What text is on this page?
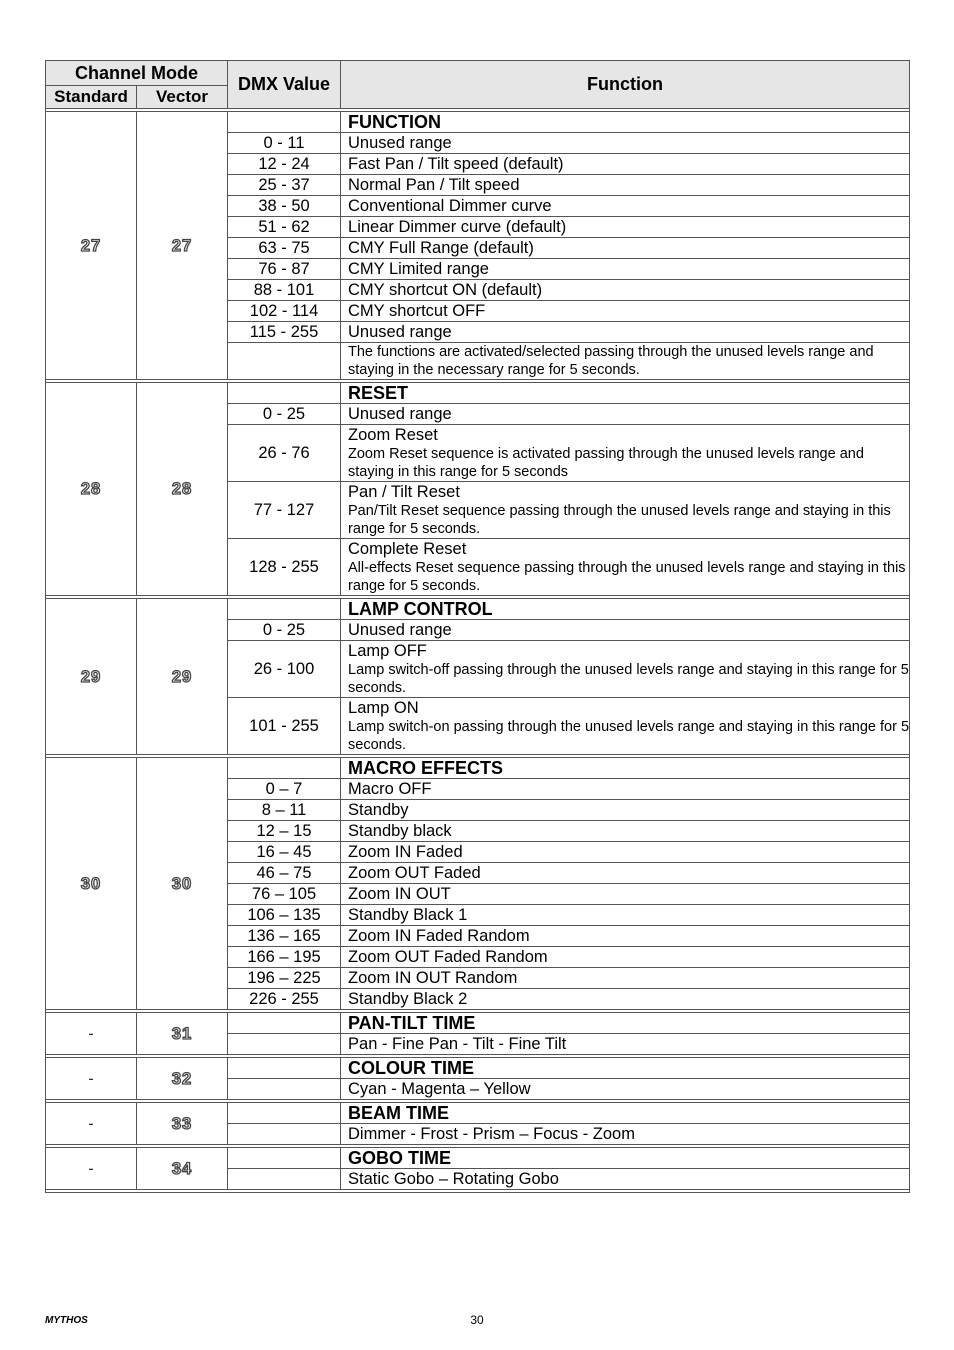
Channel Mode		DMX Value	Function
Standard	Vector		

27	27		FUNCTION
		0 - 11	Unused range
		12 - 24	Fast Pan / Tilt speed (default)
		25 - 37	Normal Pan / Tilt speed
		38 - 50	Conventional Dimmer curve
		51 - 62	Linear Dimmer curve (default)
		63 - 75	CMY Full Range (default)
		76 - 87	CMY Limited range
		88 - 101	CMY shortcut ON (default)
		102 - 114	CMY shortcut OFF
		115 - 255	Unused range

			The functions are activated/selected passing through the unused levels range and staying in the necessary range for 5 seconds.

28	28		RESET
		0 - 25	Unused range
		26 - 76	Zoom Reset
Zoom Reset sequence is activated passing through the unused levels range and staying in this range for 5 seconds

		77 - 127	Pan / Tilt Reset
Pan/Tilt Reset sequence passing through the unused levels range and staying in this range for 5 seconds.

		128 - 255	Complete Reset
All-effects Reset sequence passing through the unused levels range and staying in this range for 5 seconds.

29	29		LAMP CONTROL
		0 - 25	Unused range
		26 - 100	Lamp OFF
Lamp switch-off passing through the unused levels range and staying in this range for 5 seconds.

		101 - 255	Lamp ON
Lamp switch-on passing through the unused levels range and staying in this range for 5 seconds.

30	30		MACRO EFFECTS
		0 – 7	Macro OFF
		8 – 11	Standby
		12 – 15	Standby black
		16 – 45	Zoom IN Faded
		46 – 75	Zoom OUT Faded
		76 – 105	Zoom IN OUT
		106 – 135	Standby Black 1
		136 – 165	Zoom IN Faded Random
		166 – 195	Zoom OUT Faded Random
		196 – 225	Zoom IN OUT Random
		226 - 255	Standby Black 2

-	31		PAN-TILT TIME
			Pan - Fine Pan - Tilt - Fine Tilt

-	32		COLOUR TIME
			Cyan - Magenta – Yellow

-	33		BEAM TIME
			Dimmer - Frost - Prism – Focus - Zoom

-	34		GOBO TIME
			Static Gobo – Rotating Gobo

MYTHOS	30
